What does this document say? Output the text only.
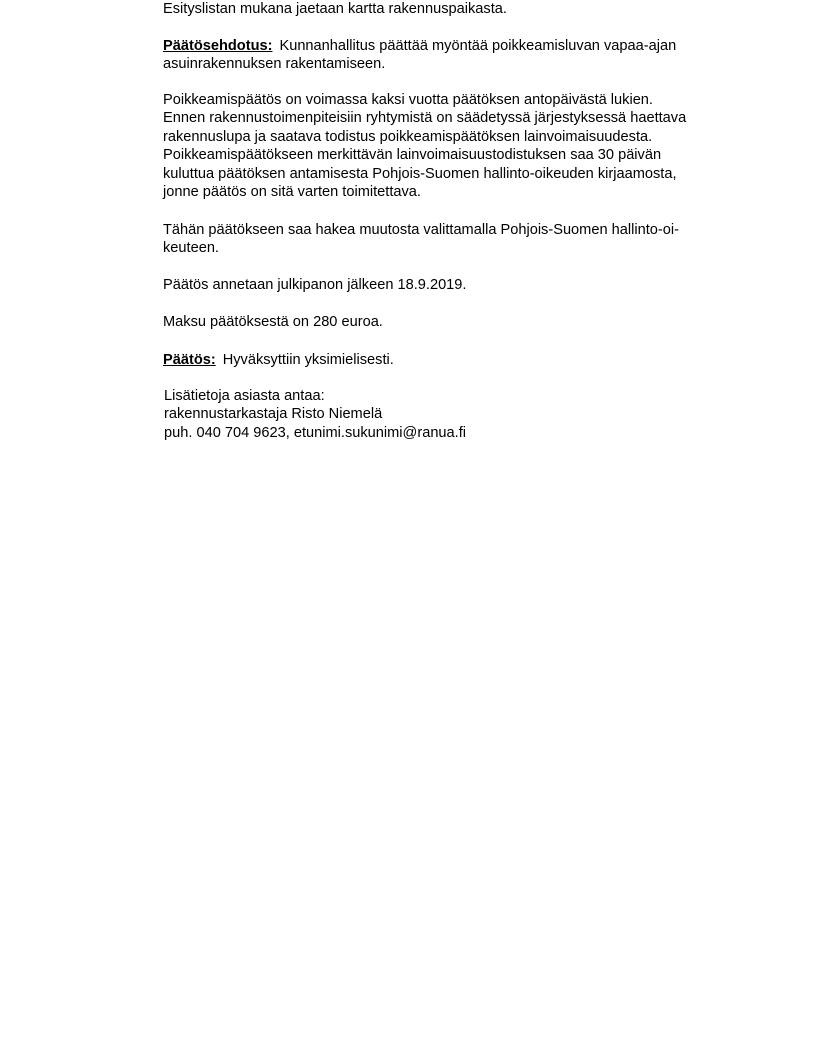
Esityslistan mukana jaetaan kartta rakennuspaikasta.

Päätösehdotus: Kunnanhallitus päättää myöntää poikkeamisluvan vapaa-ajan
asuinrakennuksen rakentamiseen.

Poikkeamispäätös on voimassa kaksi vuotta päätöksen antopäivästä lukien.
Ennen rakennustoimenpiteisiin ryhtymistä on säädetyssä järjestyksessä haettava
rakennuslupa ja saatava todistus poikkeamispäätöksen lainvoimaisuudesta.
Poikkeamispäätökseen merkittävän lainvoimaisuustodistuksen saa 30 päivän
kuluttua päätöksen antamisesta Pohjois-Suomen hallinto-oikeuden kirjaamosta,
jonne päätös on sitä varten toimitettava.

Tähän päätökseen saa hakea muutosta valittamalla Pohjois-Suomen hallinto-oi-
keuteen.

Päätös annetaan julkipanon jälkeen 18.9.2019.

Maksu päätöksestä on 280 euroa.

Päätös: Hyväksyttiin yksimielisesti.

Lisätietoja asiasta antaa:
rakennustarkastaja Risto Niemelä
puh. 040 704 9623, etunimi.sukunimi@ranua.fi
